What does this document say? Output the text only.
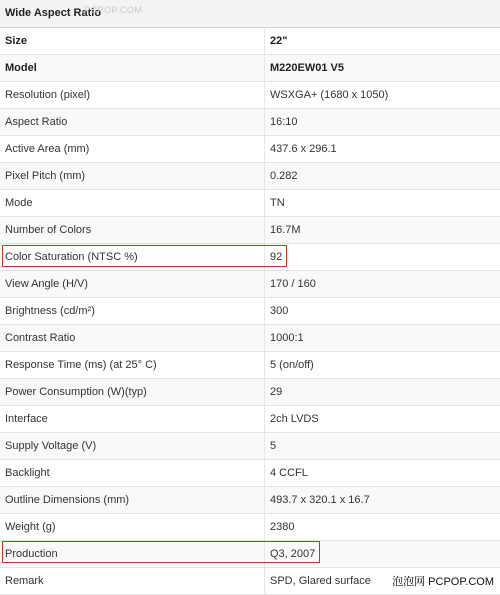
Wide Aspect Ratio
PCPOP.COM
Size	22"
Model	M220EW01 V5
Resolution (pixel)	WSXGA+ (1680 x 1050)
Aspect Ratio	16:10
Active Area (mm)	437.6 x 296.1
Pixel Pitch (mm)	0.282
Mode	TN
Number of Colors	16.7M
Color Saturation (NTSC %)	92
View Angle (H/V)	170 / 160
Brightness (cd/m²)	300
Contrast Ratio	1000:1
Response Time (ms) (at 25° C)	5 (on/off)
Power Consumption (W)(typ)	29
Interface	2ch LVDS
Supply Voltage (V)	5
Backlight	4 CCFL
Outline Dimensions (mm)	493.7 x 320.1 x 16.7
Weight (g)	2380
Production	Q3, 2007
Remark	SPD, Glared surface 泡泡网 PCPOP.COM
